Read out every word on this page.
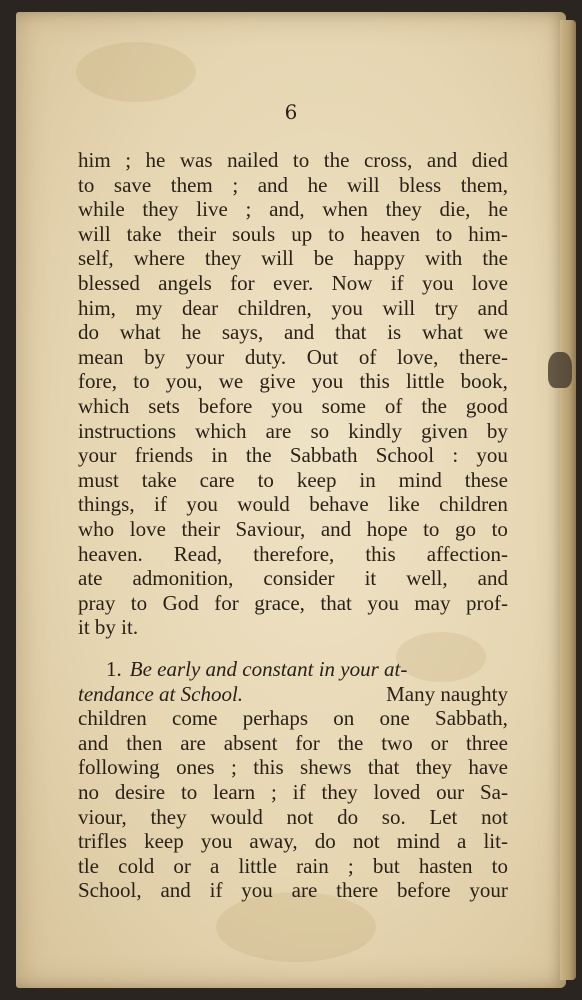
6

him ; he was nailed to the cross, and died
to save them ; and he will bless them,
while they live ; and, when they die, he
will take their souls up to heaven to him-
self, where they will be happy with the
blessed angels for ever. Now if you love
him, my dear children, you will try and
do what he says, and that is what we
mean by your duty. Out of love, there-
fore, to you, we give you this little book,
which sets before you some of the good
instructions which are so kindly given by
your friends in the Sabbath School : you
must take care to keep in mind these
things, if you would behave like children
who love their Saviour, and hope to go to
heaven. Read, therefore, this affection-
ate admonition, consider it well, and
pray to God for grace, that you may prof-
it by it.
1. Be early and constant in your at-
tendance at School.	Many naughty
children come perhaps on one Sabbath,
and then are absent for the two or three
following ones ; this shews that they have
no desire to learn ; if they loved our Sa-
viour, they would not do so. Let not
trifles keep you away, do not mind a lit-
tle cold or a little rain ; but hasten to
School, and if you are there before your
